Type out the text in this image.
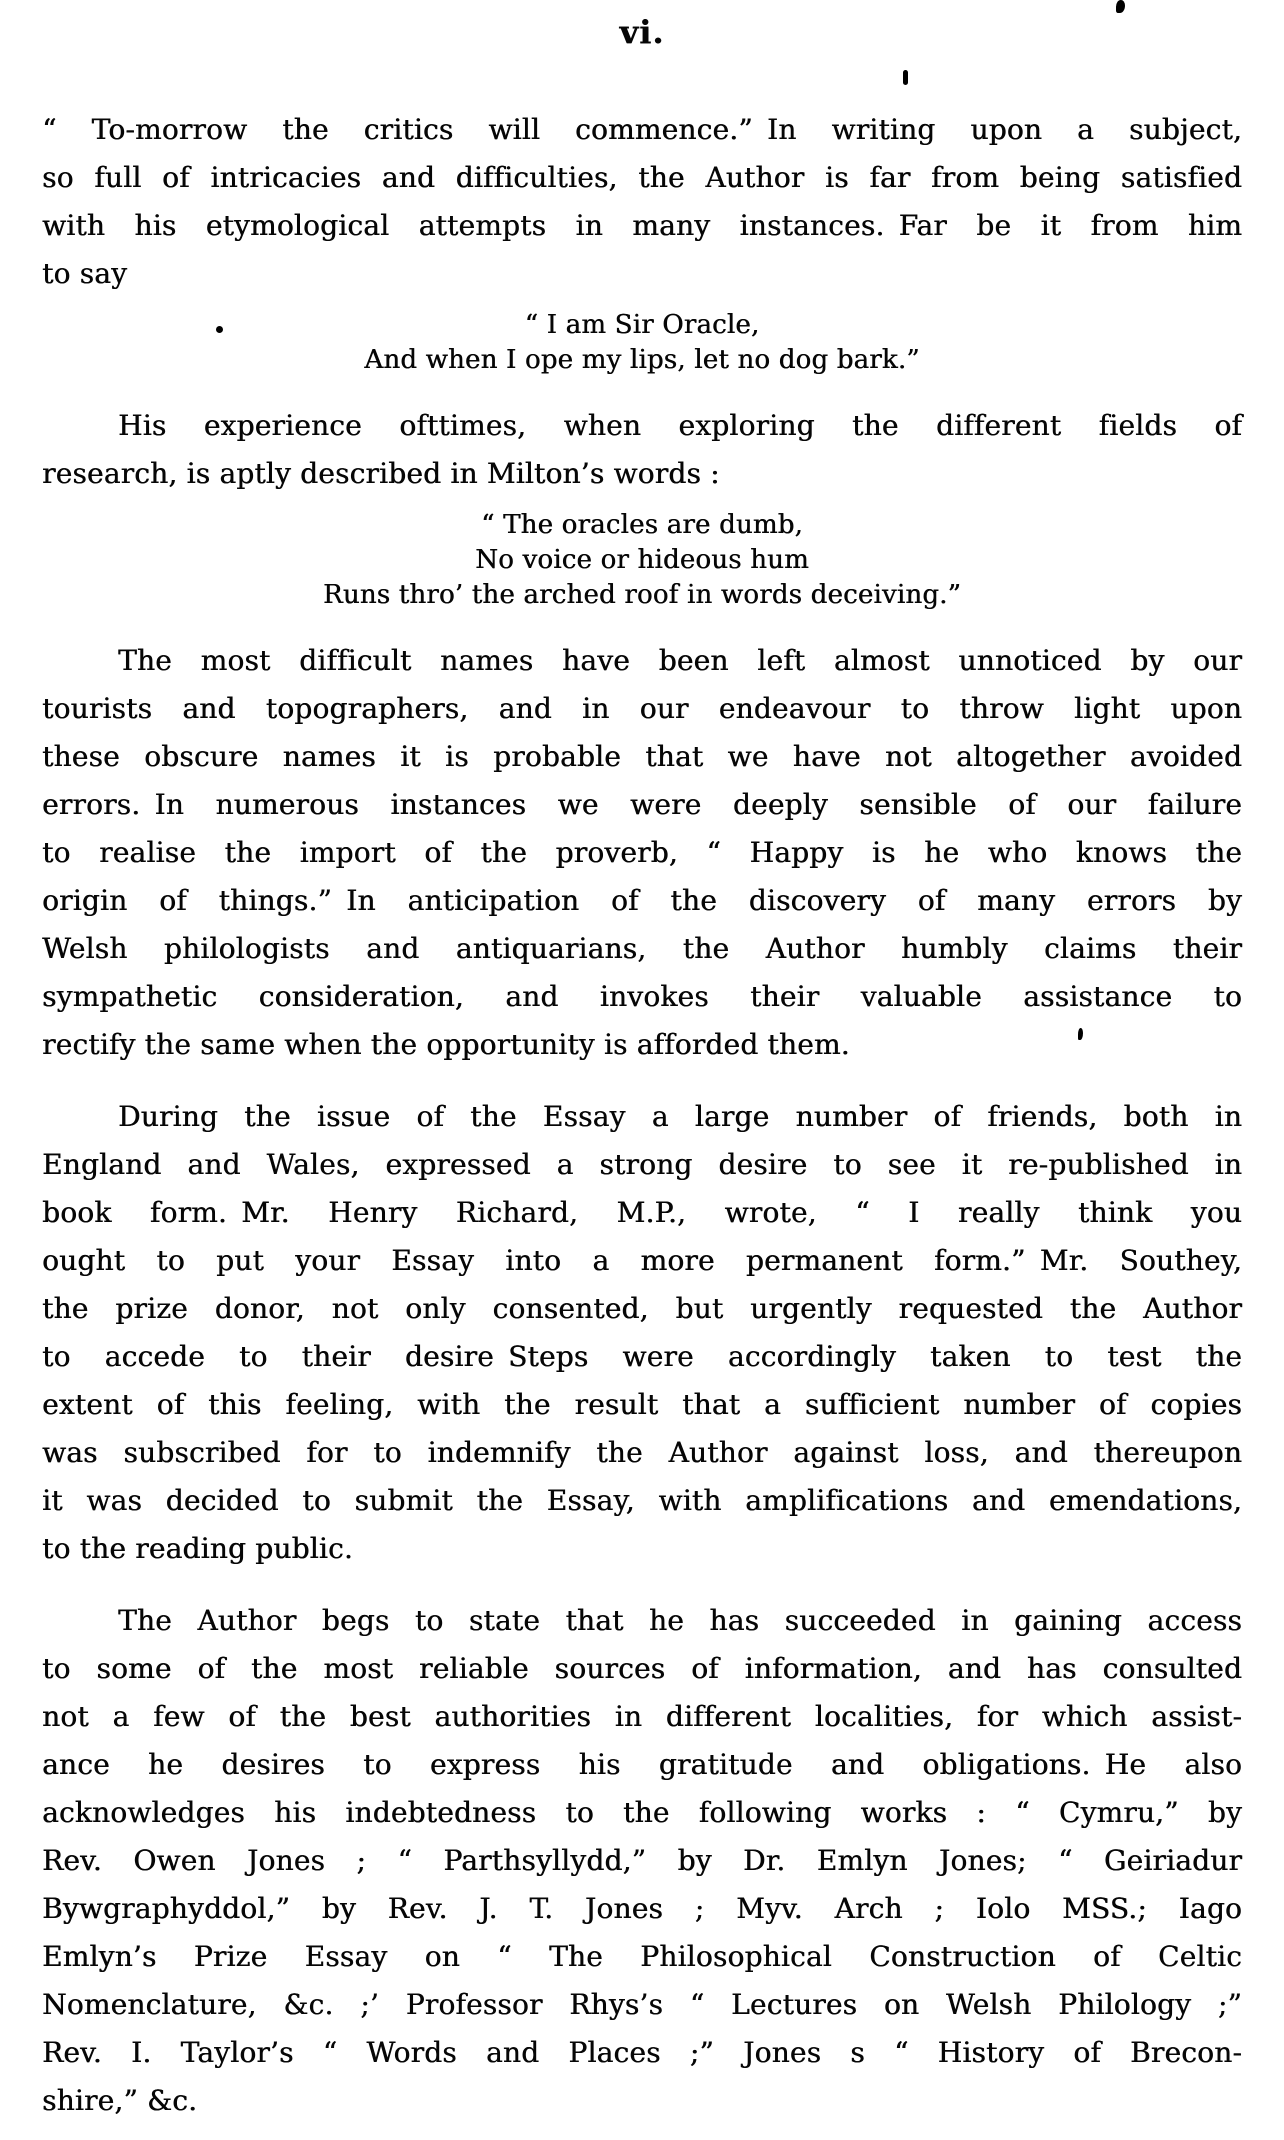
vi.
“ To-morrow the critics will commence.” In writing upon a subject,
so full of intricacies and difficulties, the Author is far from being satisfied
with his etymological attempts in many instances. Far be it from him
to say
“ I am Sir Oracle,
And when I ope my lips, let no dog bark.”
His experience ofttimes, when exploring the different fields of
research, is aptly described in Milton’s words :
“ The oracles are dumb,
No voice or hideous hum
Runs thro’ the arched roof in words deceiving.”
The most difficult names have been left almost unnoticed by our
tourists and topographers, and in our endeavour to throw light upon
these obscure names it is probable that we have not altogether avoided
errors. In numerous instances we were deeply sensible of our failure
to realise the import of the proverb, “ Happy is he who knows the
origin of things.” In anticipation of the discovery of many errors by
Welsh philologists and antiquarians, the Author humbly claims their
sympathetic consideration, and invokes their valuable assistance to
rectify the same when the opportunity is afforded them.
During the issue of the Essay a large number of friends, both in
England and Wales, expressed a strong desire to see it re-published in
book form. Mr. Henry Richard, M.P., wrote, “ I really think you
ought to put your Essay into a more permanent form.” Mr. Southey,
the prize donor, not only consented, but urgently requested the Author
to accede to their desire Steps were accordingly taken to test the
extent of this feeling, with the result that a sufficient number of copies
was subscribed for to indemnify the Author against loss, and thereupon
it was decided to submit the Essay, with amplifications and emendations,
to the reading public.
The Author begs to state that he has succeeded in gaining access
to some of the most reliable sources of information, and has consulted
not a few of the best authorities in different localities, for which assist-
ance he desires to express his gratitude and obligations. He also
acknowledges his indebtedness to the following works : “ Cymru,” by
Rev. Owen Jones ; “ Parthsyllydd,” by Dr. Emlyn Jones; “ Geiriadur
Bywgraphyddol,” by Rev. J. T. Jones ; Myv. Arch ; Iolo MSS.; Iago
Emlyn’s Prize Essay on “ The Philosophical Construction of Celtic
Nomenclature, &c. ;’ Professor Rhys’s “ Lectures on Welsh Philology ;”
Rev. I. Taylor’s “ Words and Places ;” Jones s “ History of Brecon-
shire,” &c.
